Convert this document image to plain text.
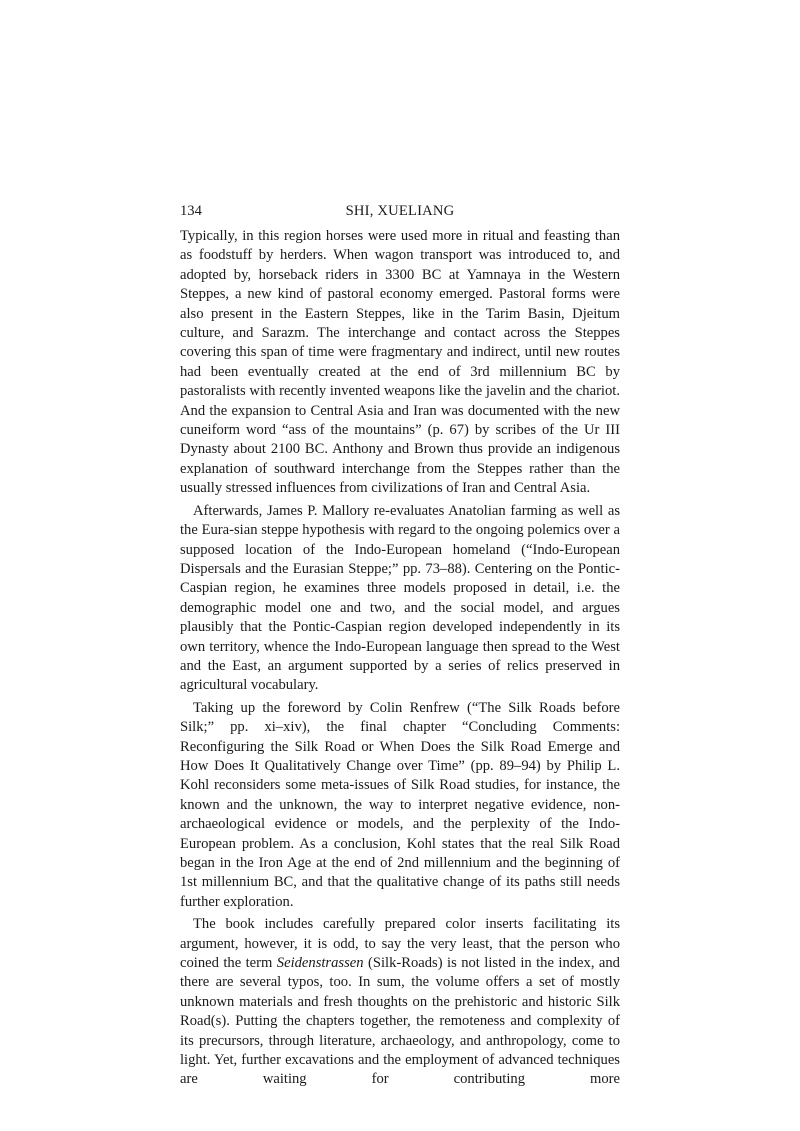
134	SHI, XUELIANG

Typically, in this region horses were used more in ritual and feasting than as foodstuff by herders. When wagon transport was introduced to, and adopted by, horseback riders in 3300 BC at Yamnaya in the Western Steppes, a new kind of pastoral economy emerged. Pastoral forms were also present in the Eastern Steppes, like in the Tarim Basin, Djeitum culture, and Sarazm. The interchange and contact across the Steppes covering this span of time were fragmentary and indirect, until new routes had been eventually created at the end of 3rd millennium BC by pastoralists with recently invented weapons like the javelin and the chariot. And the expansion to Central Asia and Iran was documented with the new cuneiform word “ass of the mountains” (p. 67) by scribes of the Ur III Dynasty about 2100 BC. Anthony and Brown thus provide an indigenous explanation of southward interchange from the Steppes rather than the usually stressed influences from civilizations of Iran and Central Asia.

Afterwards, James P. Mallory re-evaluates Anatolian farming as well as the Eura-sian steppe hypothesis with regard to the ongoing polemics over a supposed location of the Indo-European homeland (“Indo-European Dispersals and the Eurasian Steppe;” pp. 73–88). Centering on the Pontic-Caspian region, he examines three models proposed in detail, i.e. the demographic model one and two, and the social model, and argues plausibly that the Pontic-Caspian region developed independently in its own territory, whence the Indo-European language then spread to the West and the East, an argument supported by a series of relics preserved in agricultural vocabulary.

Taking up the foreword by Colin Renfrew (“The Silk Roads before Silk;” pp. xi–xiv), the final chapter “Concluding Comments: Reconfiguring the Silk Road or When Does the Silk Road Emerge and How Does It Qualitatively Change over Time” (pp. 89–94) by Philip L. Kohl reconsiders some meta-issues of Silk Road studies, for instance, the known and the unknown, the way to interpret negative evidence, non-archaeological evidence or models, and the perplexity of the Indo-European problem. As a conclusion, Kohl states that the real Silk Road began in the Iron Age at the end of 2nd millennium and the beginning of 1st millennium BC, and that the qualitative change of its paths still needs further exploration.

The book includes carefully prepared color inserts facilitating its argument, however, it is odd, to say the very least, that the person who coined the term Seidenstrassen (Silk-Roads) is not listed in the index, and there are several typos, too. In sum, the volume offers a set of mostly unknown materials and fresh thoughts on the prehistoric and historic Silk Road(s). Putting the chapters together, the remoteness and complexity of its precursors, through literature, archaeology, and anthropology, come to light. Yet, further excavations and the employment of advanced techniques are waiting for contributing more
